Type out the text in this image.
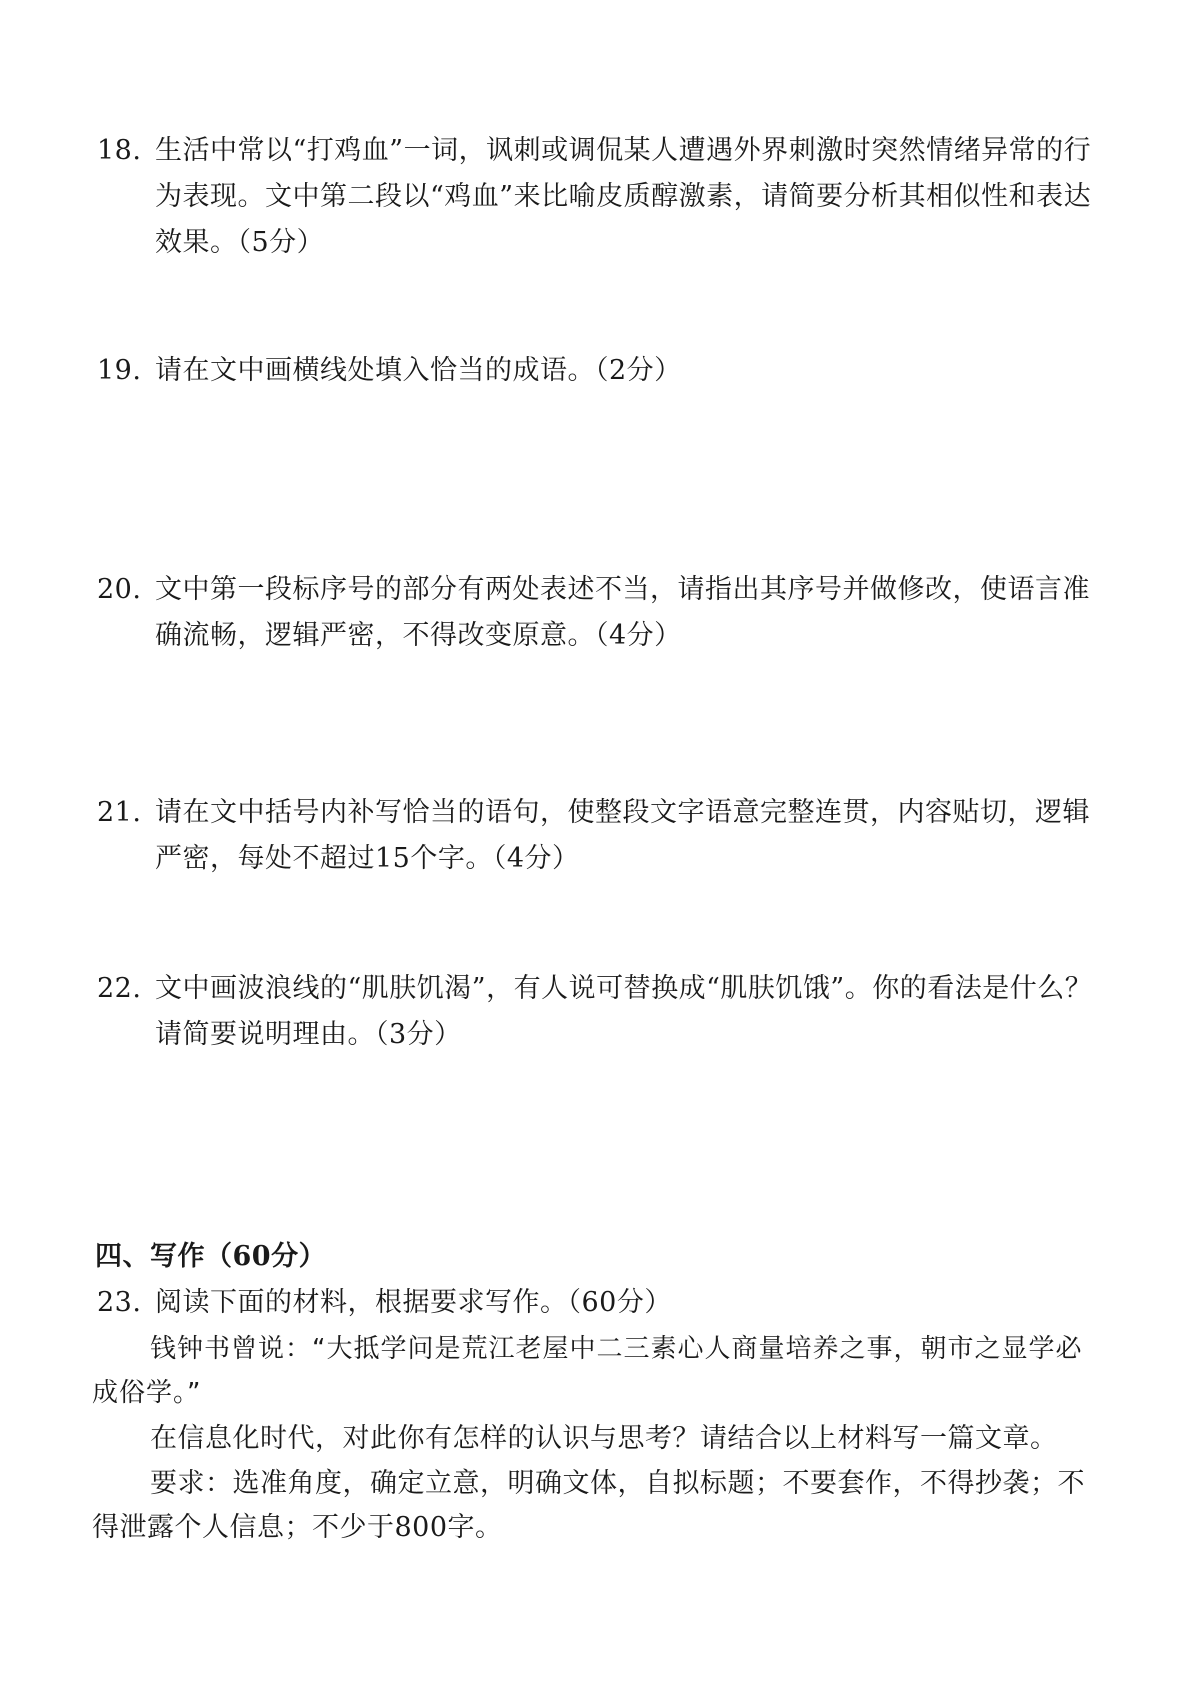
18. 生活中常以“打鸡血”一词，讽刺或调侃某人遭遇外界刺激时突然情绪异常的行为表现。文中第二段以“鸡血”来比喻皮质醇激素，请简要分析其相似性和表达效果。（5分）
19. 请在文中画横线处填入恰当的成语。（2分）
20. 文中第一段标序号的部分有两处表述不当，请指出其序号并做修改，使语言准确流畅，逻辑严密，不得改变原意。（4分）
21. 请在文中括号内补写恰当的语句，使整段文字语意完整连贯，内容贴切，逻辑严密，每处不超过15个字。（4分）
22. 文中画波浪线的“肌肤饥渴”，有人说可替换成“肌肤饥饿”。你的看法是什么？请简要说明理由。（3分）
四、写作（60分）
23. 阅读下面的材料，根据要求写作。（60分）
钱钟书曾说：“大抵学问是荒江老屋中二三素心人商量培养之事，朝市之显学必成俗学。”
在信息化时代，对此你有怎样的认识与思考？请结合以上材料写一篇文章。
要求：选准角度，确定立意，明确文体，自拟标题；不要套作，不得抄袭；不得泄露个人信息；不少于800字。
